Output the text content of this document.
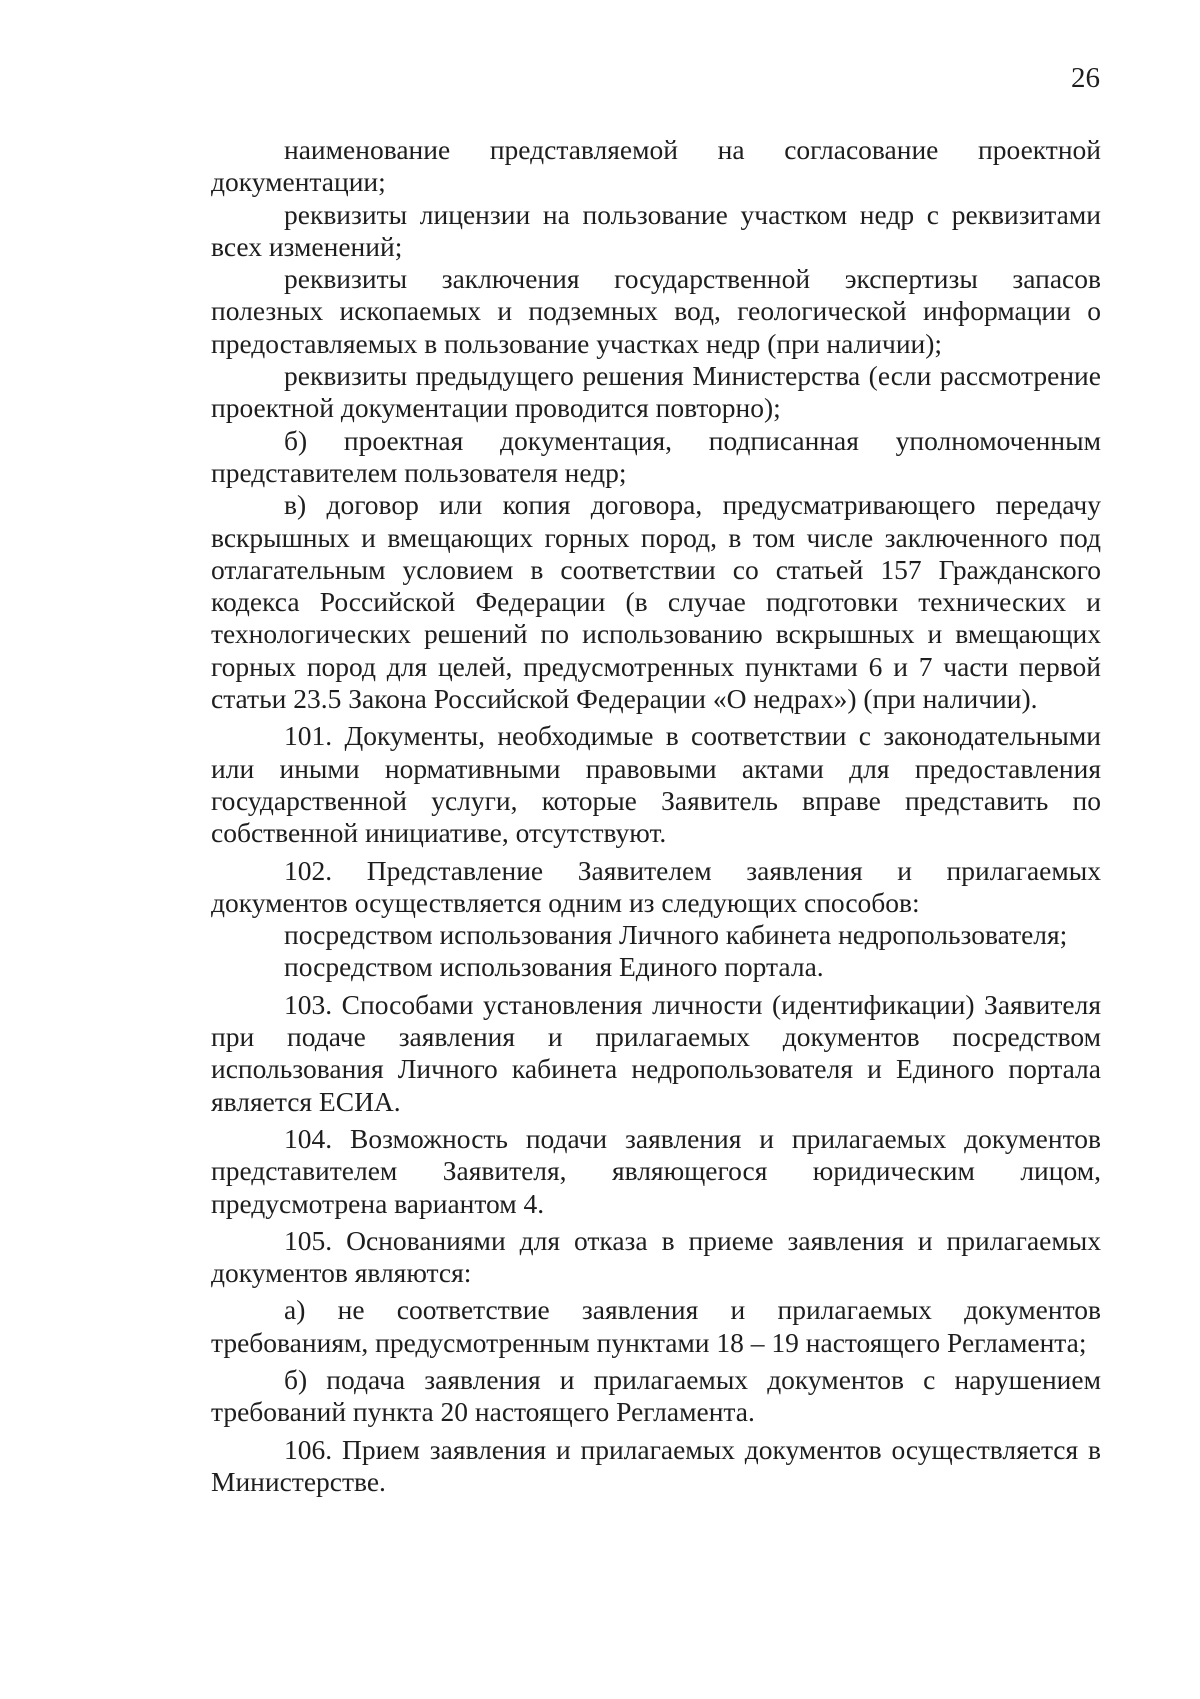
26

наименование представляемой на согласование проектной документации;

реквизиты лицензии на пользование участком недр с реквизитами всех изменений;

реквизиты заключения государственной экспертизы запасов полезных ископаемых и подземных вод, геологической информации о предоставляемых в пользование участках недр (при наличии);

реквизиты предыдущего решения Министерства (если рассмотрение проектной документации проводится повторно);

б) проектная документация, подписанная уполномоченным представителем пользователя недр;

в) договор или копия договора, предусматривающего передачу вскрышных и вмещающих горных пород, в том числе заключенного под отлагательным условием в соответствии со статьей 157 Гражданского кодекса Российской Федерации (в случае подготовки технических и технологических решений по использованию вскрышных и вмещающих горных пород для целей, предусмотренных пунктами 6 и 7 части первой статьи 23.5 Закона Российской Федерации «О недрах») (при наличии).

101. Документы, необходимые в соответствии с законодательными или иными нормативными правовыми актами для предоставления государственной услуги, которые Заявитель вправе представить по собственной инициативе, отсутствуют.

102. Представление Заявителем заявления и прилагаемых документов осуществляется одним из следующих способов:

посредством использования Личного кабинета недропользователя;

посредством использования Единого портала.

103. Способами установления личности (идентификации) Заявителя при подаче заявления и прилагаемых документов посредством использования Личного кабинета недропользователя и Единого портала является ЕСИА.

104. Возможность подачи заявления и прилагаемых документов представителем Заявителя, являющегося юридическим лицом, предусмотрена вариантом 4.

105. Основаниями для отказа в приеме заявления и прилагаемых документов являются:

а) не соответствие заявления и прилагаемых документов требованиям, предусмотренным пунктами 18 – 19 настоящего Регламента;

б) подача заявления и прилагаемых документов с нарушением требований пункта 20 настоящего Регламента.

106. Прием заявления и прилагаемых документов осуществляется в Министерстве.
